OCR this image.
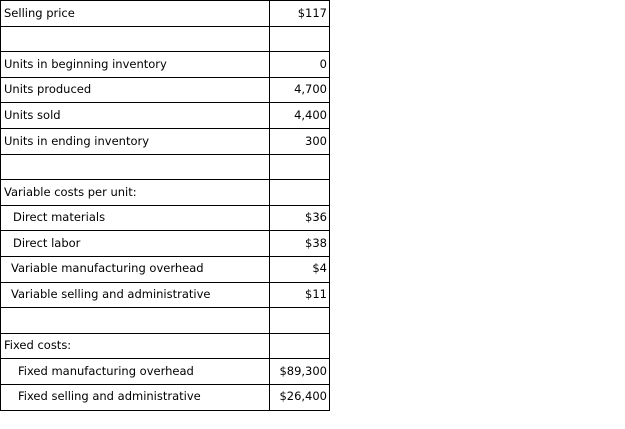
Selling price	$117

Units in beginning inventory	0
Units produced	4,700
Units sold	4,400
Units in ending inventory	300

Variable costs per unit:	
Direct materials	$36
Direct labor	$38
Variable manufacturing overhead	$4
Variable selling and administrative	$11

Fixed costs:	
Fixed manufacturing overhead	$89,300
Fixed selling and administrative	$26,400
